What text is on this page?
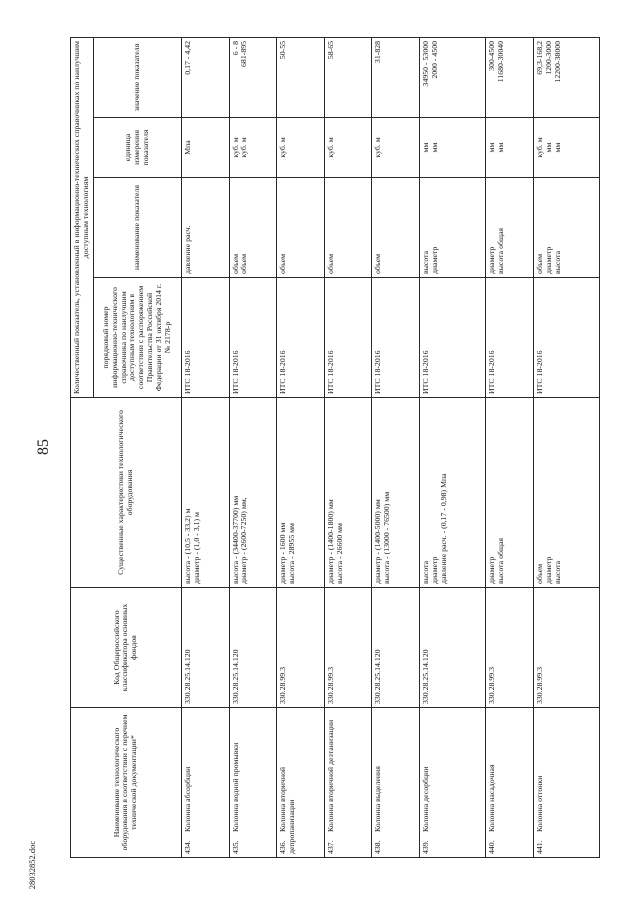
85
28032852.doc
Наименование технологического оборудования в соответствии с перечнем технической документации*	Код Общероссийского классификатора основных фондов	Существенные характеристики технологического оборудования	Количественный показатель, установленный в информационно-технических справочниках по наилучшим доступным технологиям			
			порядковый номер информационно-технического справочника по наилучшим доступным технологиям в соответствии с распоряжением Правительства Российской Федерации от 31 октября 2014 г. № 2178-р	наименование показателя	единица измерения показателя	значение показателя
434.Колонна абсорбции	330.28.25.14.120	высота - (10,5 - 33,2) м диаметр - (1,0 - 3,1) м	ИТС 18-2016	давление расч.	Мпа	0,17 - 4,42

435.Колонна водной промывки	330.28.25.14.120	высота - (34400-37700) мм диаметр - (2600-7250) мм,	ИТС 18-2016	объем объем	куб. м куб. м	6 - 8 681-895

436.Колонна вторичной депропанизации	330.28.99.3	диаметр - 1600 мм высота - 28955 мм	ИТС 18-2016	объем	куб. м	50-55

437.Колонна вторичной деэтанизации	330.28.99.3	диаметр - (1400-1800) мм высота - 26600 мм	ИТС 18-2016	объем	куб. м	58-65

438.Колонна выделения	330.28.25.14.120	диаметр - (1400-5000) мм высота - (13000 - 76500) мм	ИТС 18-2016	объем	куб. м	31-828

439.Колонна десорбции	330.28.25.14.120	высота диаметр давление расч. - (0,17 - 0,98) Мпа	ИТС 18-2016	высота диаметр	мм мм	34950 - 53000 2000 - 4500

440.Колонна насадочная	330.28.99.3	диаметр высота общая	ИТС 18-2016	диаметр высота общая	мм мм	300-4500 11680-30040

441.Колонна отгонки	330.28.99.3	объем диаметр высота	ИТС 18-2016	объем диаметр высота	куб. м мм мм	69,3-168,2 1200-3000 12200-38000
